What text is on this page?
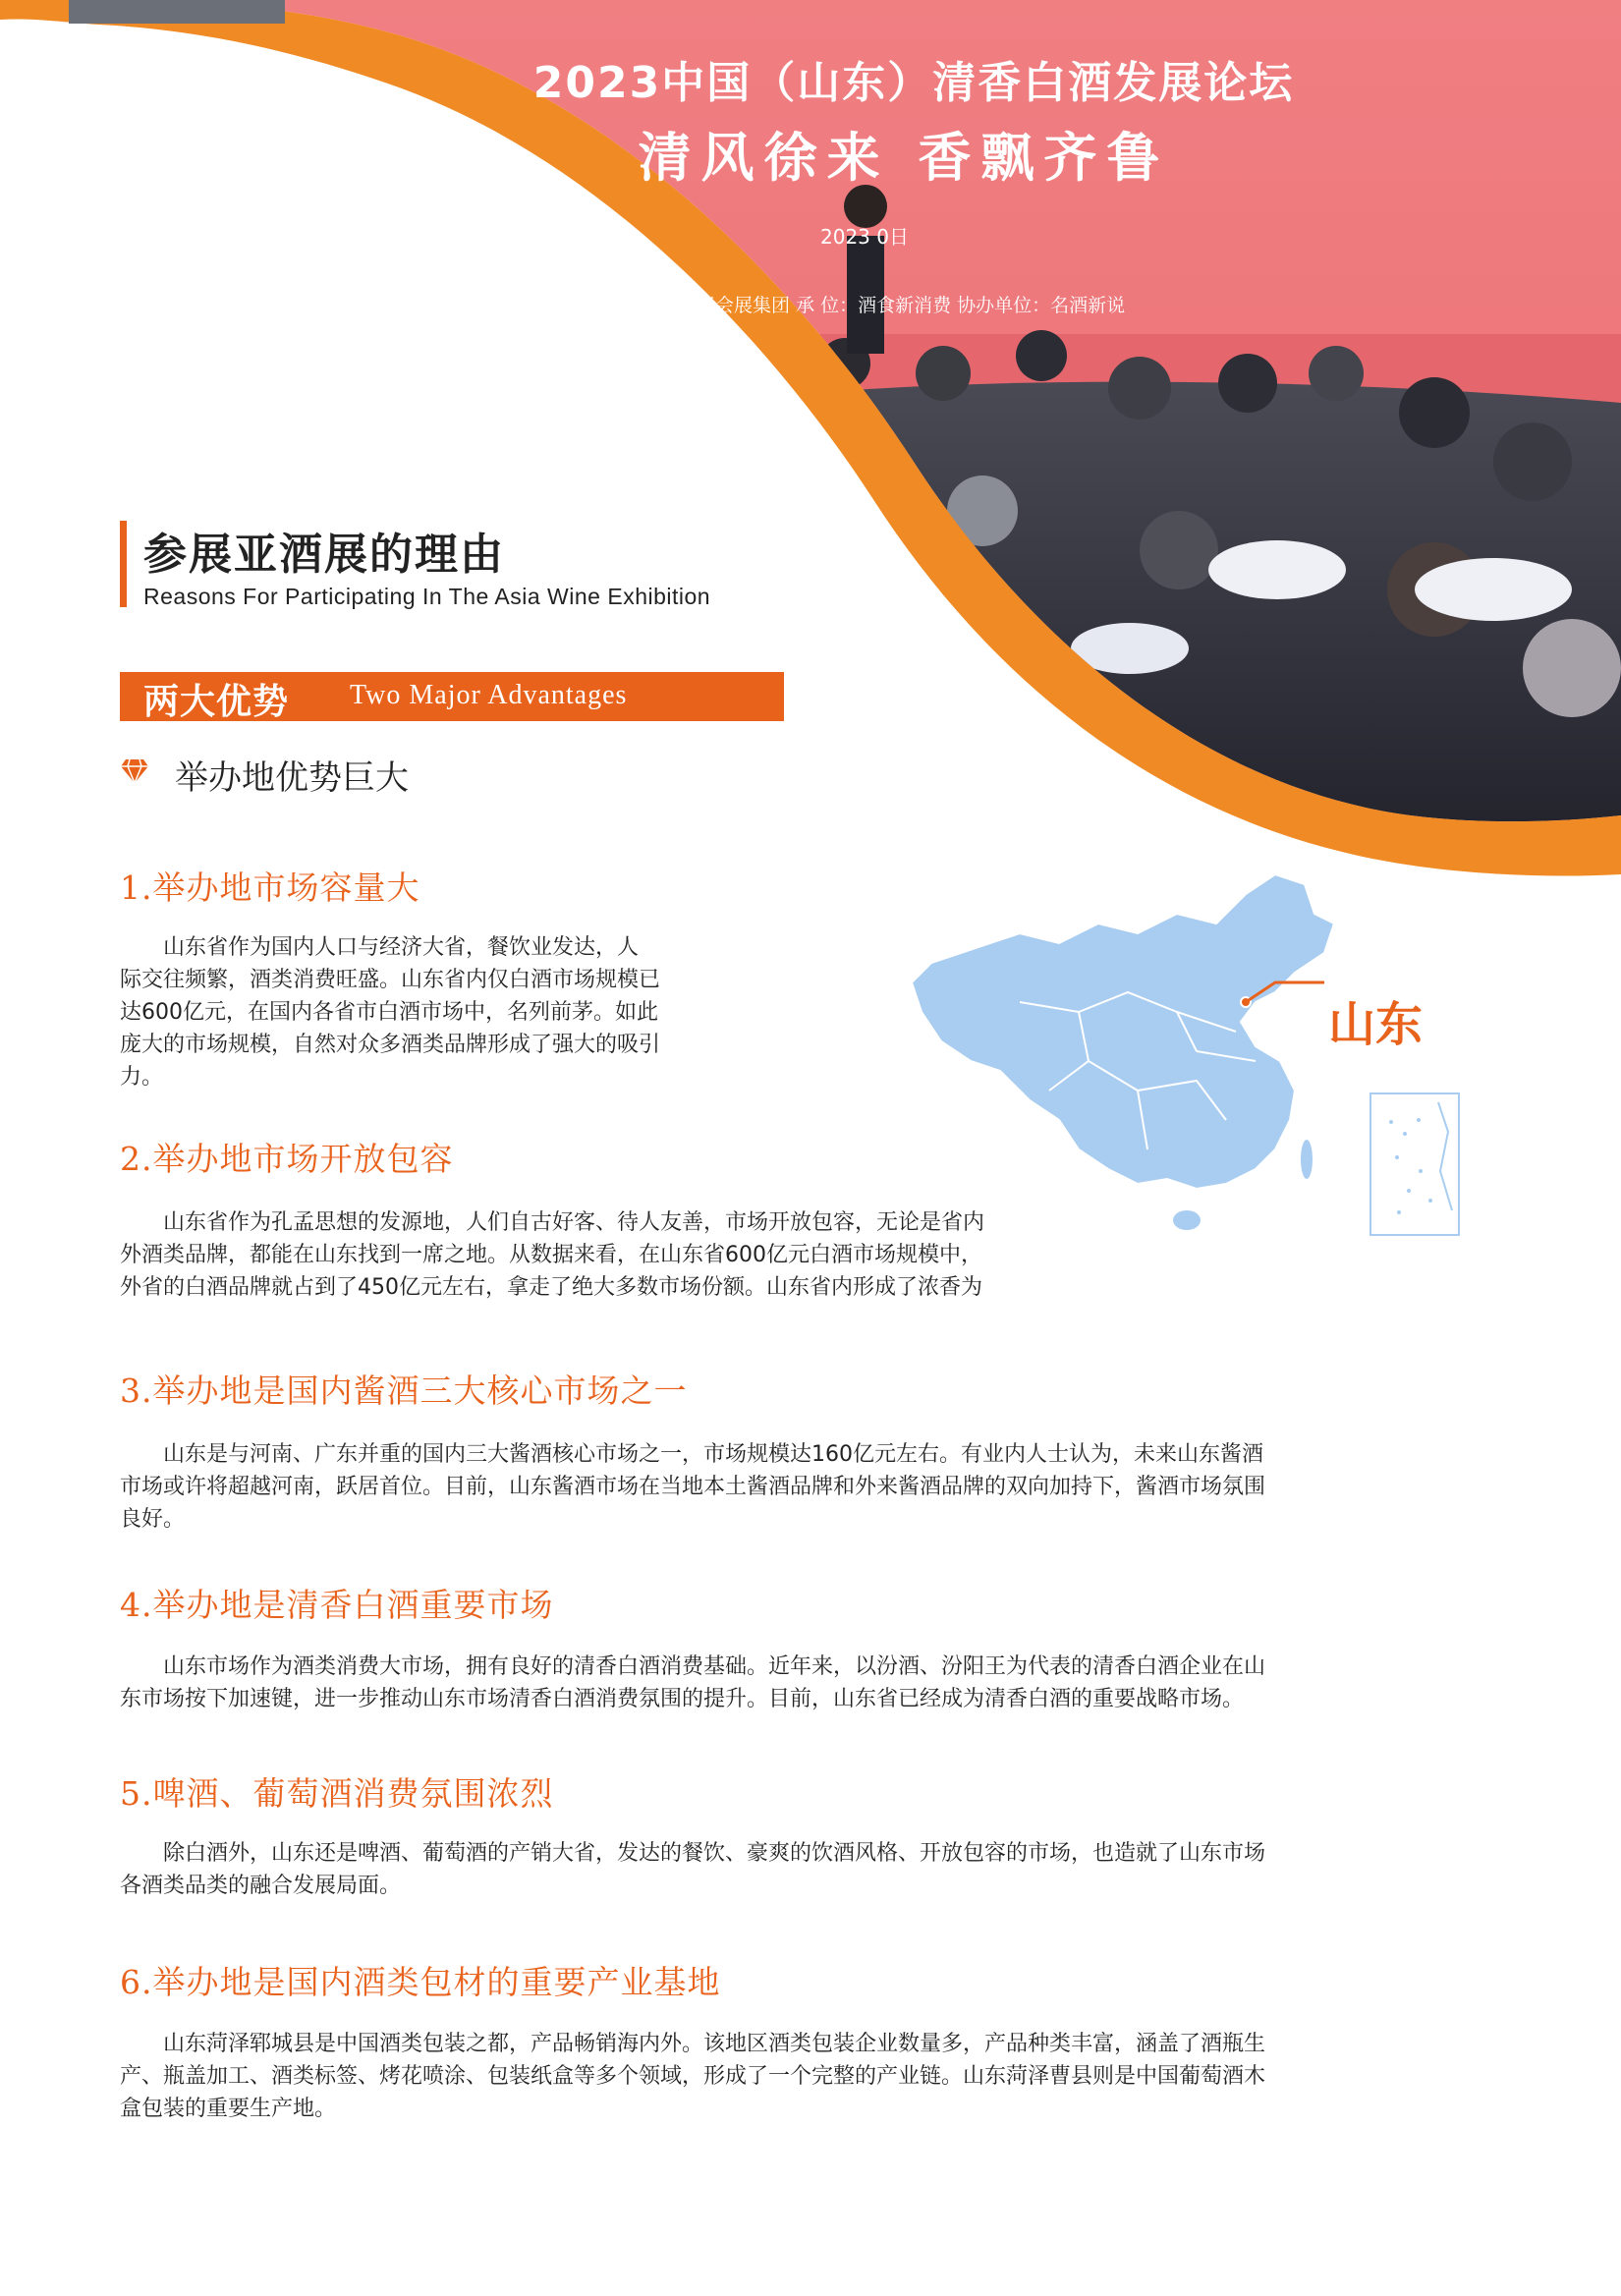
2023中国（山东）清香白酒发展论坛
清风徐来 香飘齐鲁
2023 0日
国际会展集团 承 位：酒食新消费 协办单位：名酒新说
参展亚酒展的理由
Reasons For Participating In The Asia Wine Exhibition
两大优势 Two Major Advantages
举办地优势巨大
山东
1.举办地市场容量大
山东省作为国内人口与经济大省，餐饮业发达，人
际交往频繁，酒类消费旺盛。山东省内仅白酒市场规模已
达600亿元，在国内各省市白酒市场中，名列前茅。如此
庞大的市场规模，自然对众多酒类品牌形成了强大的吸引
力。
2.举办地市场开放包容
山东省作为孔孟思想的发源地，人们自古好客、待人友善，市场开放包容，无论是省内
外酒类品牌，都能在山东找到一席之地。从数据来看，在山东省600亿元白酒市场规模中，
外省的白酒品牌就占到了450亿元左右，拿走了绝大多数市场份额。山东省内形成了浓香为
3.举办地是国内酱酒三大核心市场之一
山东是与河南、广东并重的国内三大酱酒核心市场之一，市场规模达160亿元左右。有业内人士认为，未来山东酱酒
市场或许将超越河南，跃居首位。目前，山东酱酒市场在当地本土酱酒品牌和外来酱酒品牌的双向加持下，酱酒市场氛围
良好。
4.举办地是清香白酒重要市场
山东市场作为酒类消费大市场，拥有良好的清香白酒消费基础。近年来，以汾酒、汾阳王为代表的清香白酒企业在山
东市场按下加速键，进一步推动山东市场清香白酒消费氛围的提升。目前，山东省已经成为清香白酒的重要战略市场。
5.啤酒、葡萄酒消费氛围浓烈
除白酒外，山东还是啤酒、葡萄酒的产销大省，发达的餐饮、豪爽的饮酒风格、开放包容的市场，也造就了山东市场
各酒类品类的融合发展局面。
6.举办地是国内酒类包材的重要产业基地
山东菏泽郓城县是中国酒类包装之都，产品畅销海内外。该地区酒类包装企业数量多，产品种类丰富，涵盖了酒瓶生
产、瓶盖加工、酒类标签、烤花喷涂、包装纸盒等多个领域，形成了一个完整的产业链。山东菏泽曹县则是中国葡萄酒木
盒包装的重要生产地。
